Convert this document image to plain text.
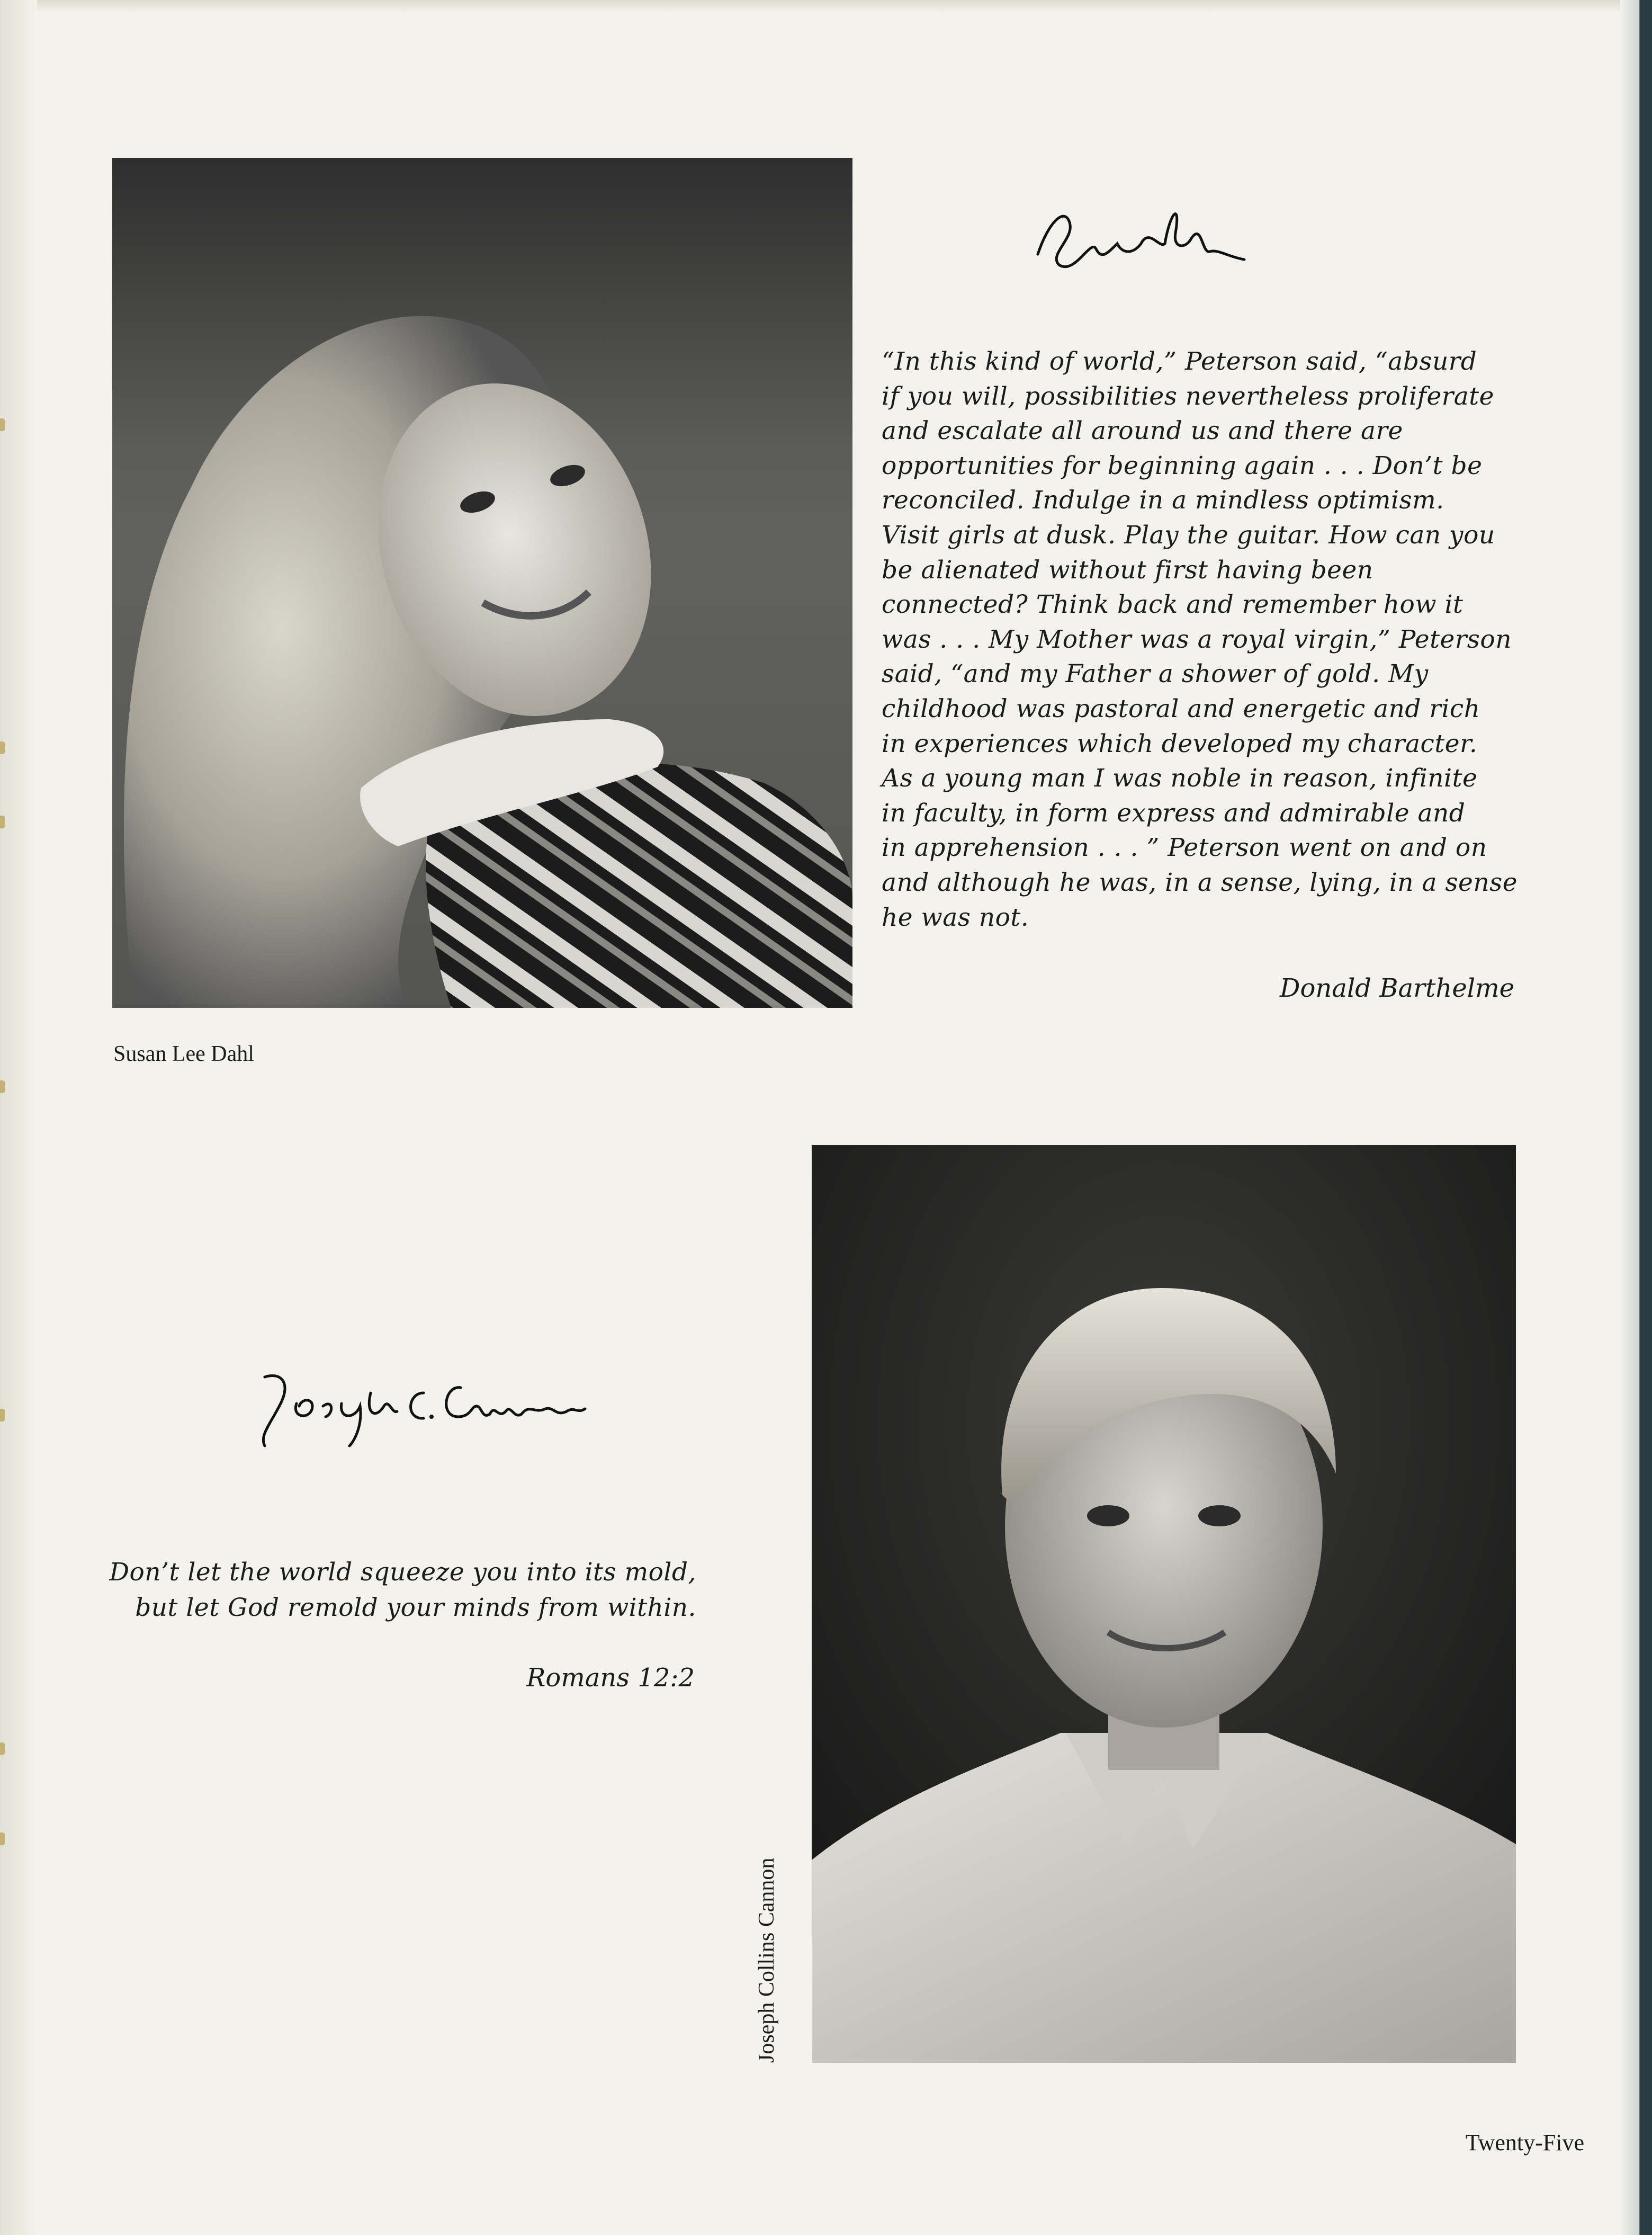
“In this kind of world,” Peterson said, “absurd
if you will, possibilities nevertheless proliferate
and escalate all around us and there are
opportunities for beginning again . . . Don’t be
reconciled. Indulge in a mindless optimism.
Visit girls at dusk. Play the guitar. How can you
be alienated without first having been
connected? Think back and remember how it
was . . . My Mother was a royal virgin,” Peterson
said, “and my Father a shower of gold. My
childhood was pastoral and energetic and rich
in experiences which developed my character.
As a young man I was noble in reason, infinite
in faculty, in form express and admirable and
in apprehension . . . ” Peterson went on and on
and although he was, in a sense, lying, in a sense
he was not.

Donald Barthelme
Susan Lee Dahl

Don’t let the world squeeze you into its mold,
but let God remold your minds from within.

Romans 12:2
Joseph Collins Cannon
Twenty-Five
